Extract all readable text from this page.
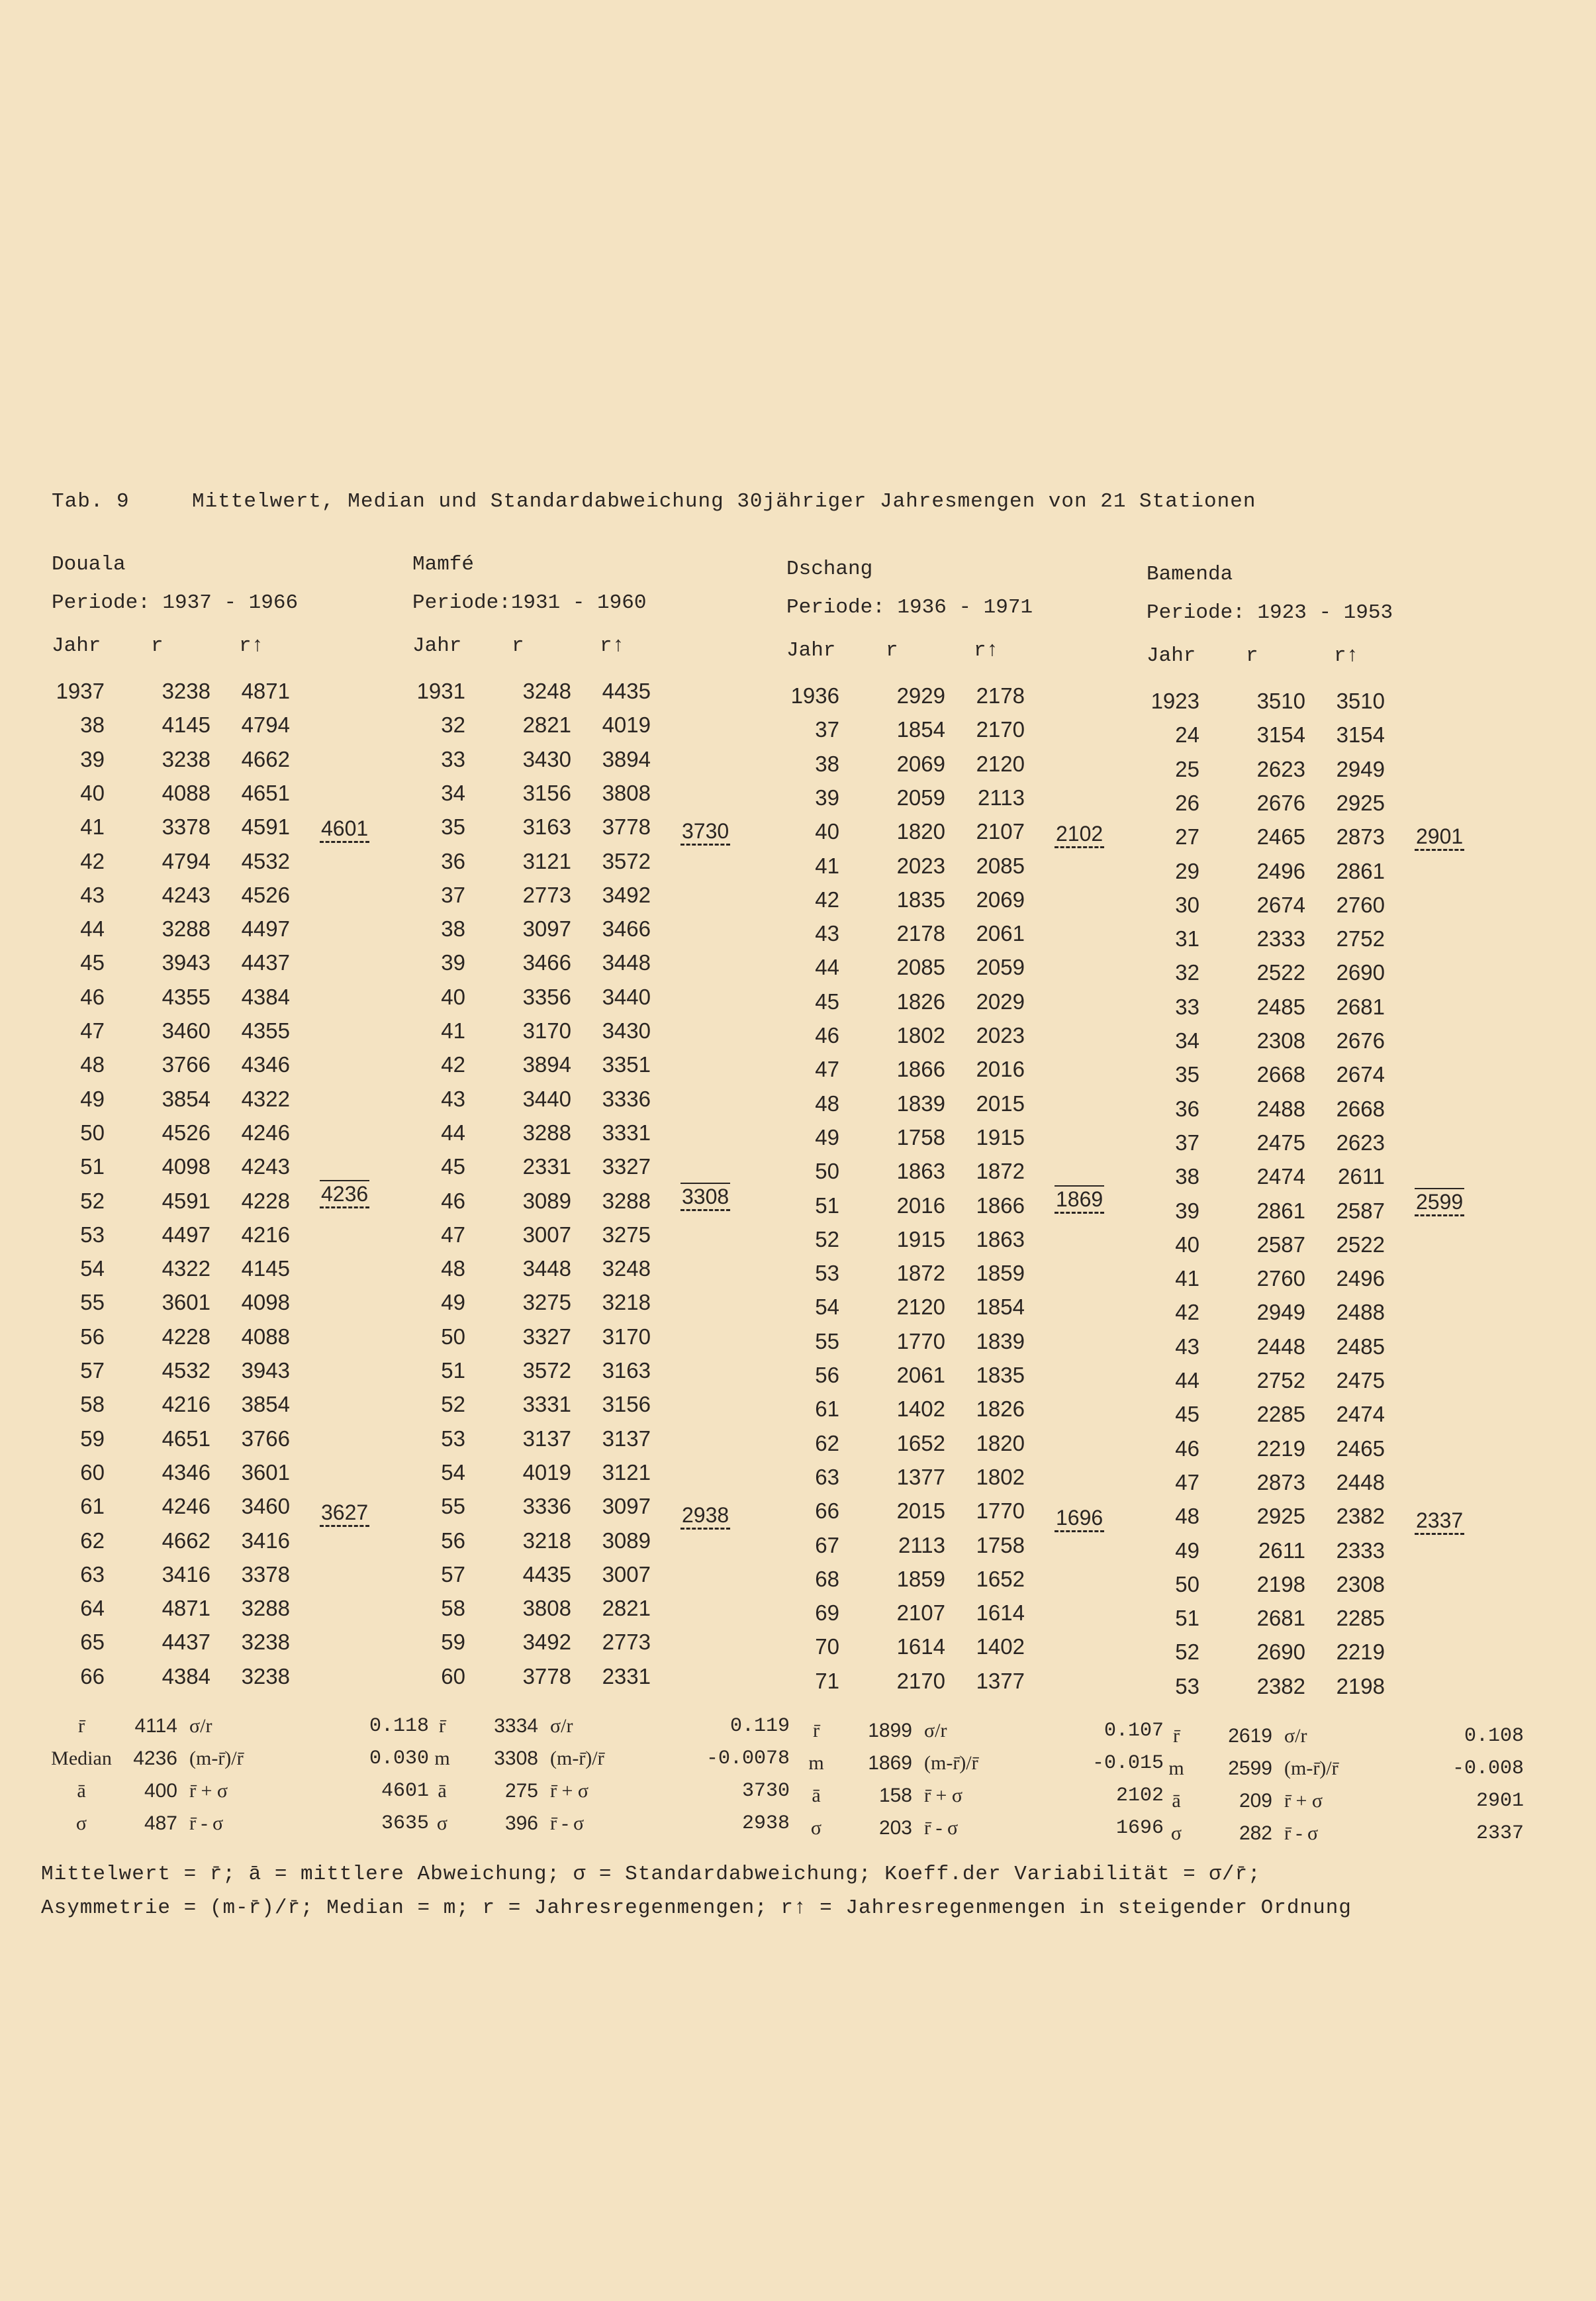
Tab. 9	Mittelwert, Median und Standardabweichung 30jähriger Jahresmengen von 21 Stationen
Douala
Periode: 1937 - 1966
Jahr r	r↑
1937	3238	4871
38	4145	4794
39	3238	4662
40	4088	4651
41	3378	4591
42	4794	4532
43	4243	4526
44	3288	4497
45	3943	4437
46	4355	4384
47	3460	4355
48	3766	4346
49	3854	4322
50	4526	4246
51	4098	4243
52	4591	4228
53	4497	4216
54	4322	4145
55	3601	4098
56	4228	4088
57	4532	3943
58	4216	3854
59	4651	3766
60	4346	3601
61	4246	3460
62	4662	3416
63	3416	3378
64	4871	3288
65	4437	3238
66	4384	3238
4601
4236
3627
r̄	4114 σ/r	0.118
Median	4236 (m-r̄)/r̄	0.030
ā	400 r̄ + σ	4601
σ	487 r̄ - σ	3635
Mamfé
Periode:1931 - 1960
Jahr r	r↑
1931	3248	4435
32	2821	4019
33	3430	3894
34	3156	3808
35	3163	3778
36	3121	3572
37	2773	3492
38	3097	3466
39	3466	3448
40	3356	3440
41	3170	3430
42	3894	3351
43	3440	3336
44	3288	3331
45	2331	3327
46	3089	3288
47	3007	3275
48	3448	3248
49	3275	3218
50	3327	3170
51	3572	3163
52	3331	3156
53	3137	3137
54	4019	3121
55	3336	3097
56	3218	3089
57	4435	3007
58	3808	2821
59	3492	2773
60	3778	2331
3730
3308
2938
r̄	3334 σ/r	0.119
m	3308 (m-r̄)/r̄	-0.0078
ā	275 r̄ + σ	3730
σ	396 r̄ - σ	2938
Dschang
Periode: 1936 - 1971
Jahr r	r↑
1936	2929	2178
37	1854	2170
38	2069	2120
39	2059	2113
40	1820	2107
41	2023	2085
42	1835	2069
43	2178	2061
44	2085	2059
45	1826	2029
46	1802	2023
47	1866	2016
48	1839	2015
49	1758	1915
50	1863	1872
51	2016	1866
52	1915	1863
53	1872	1859
54	2120	1854
55	1770	1839
56	2061	1835
61	1402	1826
62	1652	1820
63	1377	1802
66	2015	1770
67	2113	1758
68	1859	1652
69	2107	1614
70	1614	1402
71	2170	1377
2102
1869
1696
r̄	1899 σ/r	0.107
m	1869 (m-r̄)/r̄	-0.015
ā	158 r̄ + σ	2102
σ	203 r̄ - σ	1696
Bamenda
Periode: 1923 - 1953
Jahr r	r↑
1923	3510	3510
24	3154	3154
25	2623	2949
26	2676	2925
27	2465	2873
29	2496	2861
30	2674	2760
31	2333	2752
32	2522	2690
33	2485	2681
34	2308	2676
35	2668	2674
36	2488	2668
37	2475	2623
38	2474	2611
39	2861	2587
40	2587	2522
41	2760	2496
42	2949	2488
43	2448	2485
44	2752	2475
45	2285	2474
46	2219	2465
47	2873	2448
48	2925	2382
49	2611	2333
50	2198	2308
51	2681	2285
52	2690	2219
53	2382	2198
2901
2599
2337
r̄	2619 σ/r	0.108
m	2599 (m-r̄)/r̄	-0.008
ā	209 r̄ + σ	2901
σ	282 r̄ - σ	2337
Mittelwert = r̄; ā = mittlere Abweichung; σ = Standardabweichung; Koeff.der Variabilität = σ/r̄;
Asymmetrie = (m-r̄)/r̄; Median = m; r = Jahresregenmengen; r↑ = Jahresregenmengen in steigender Ordnung
